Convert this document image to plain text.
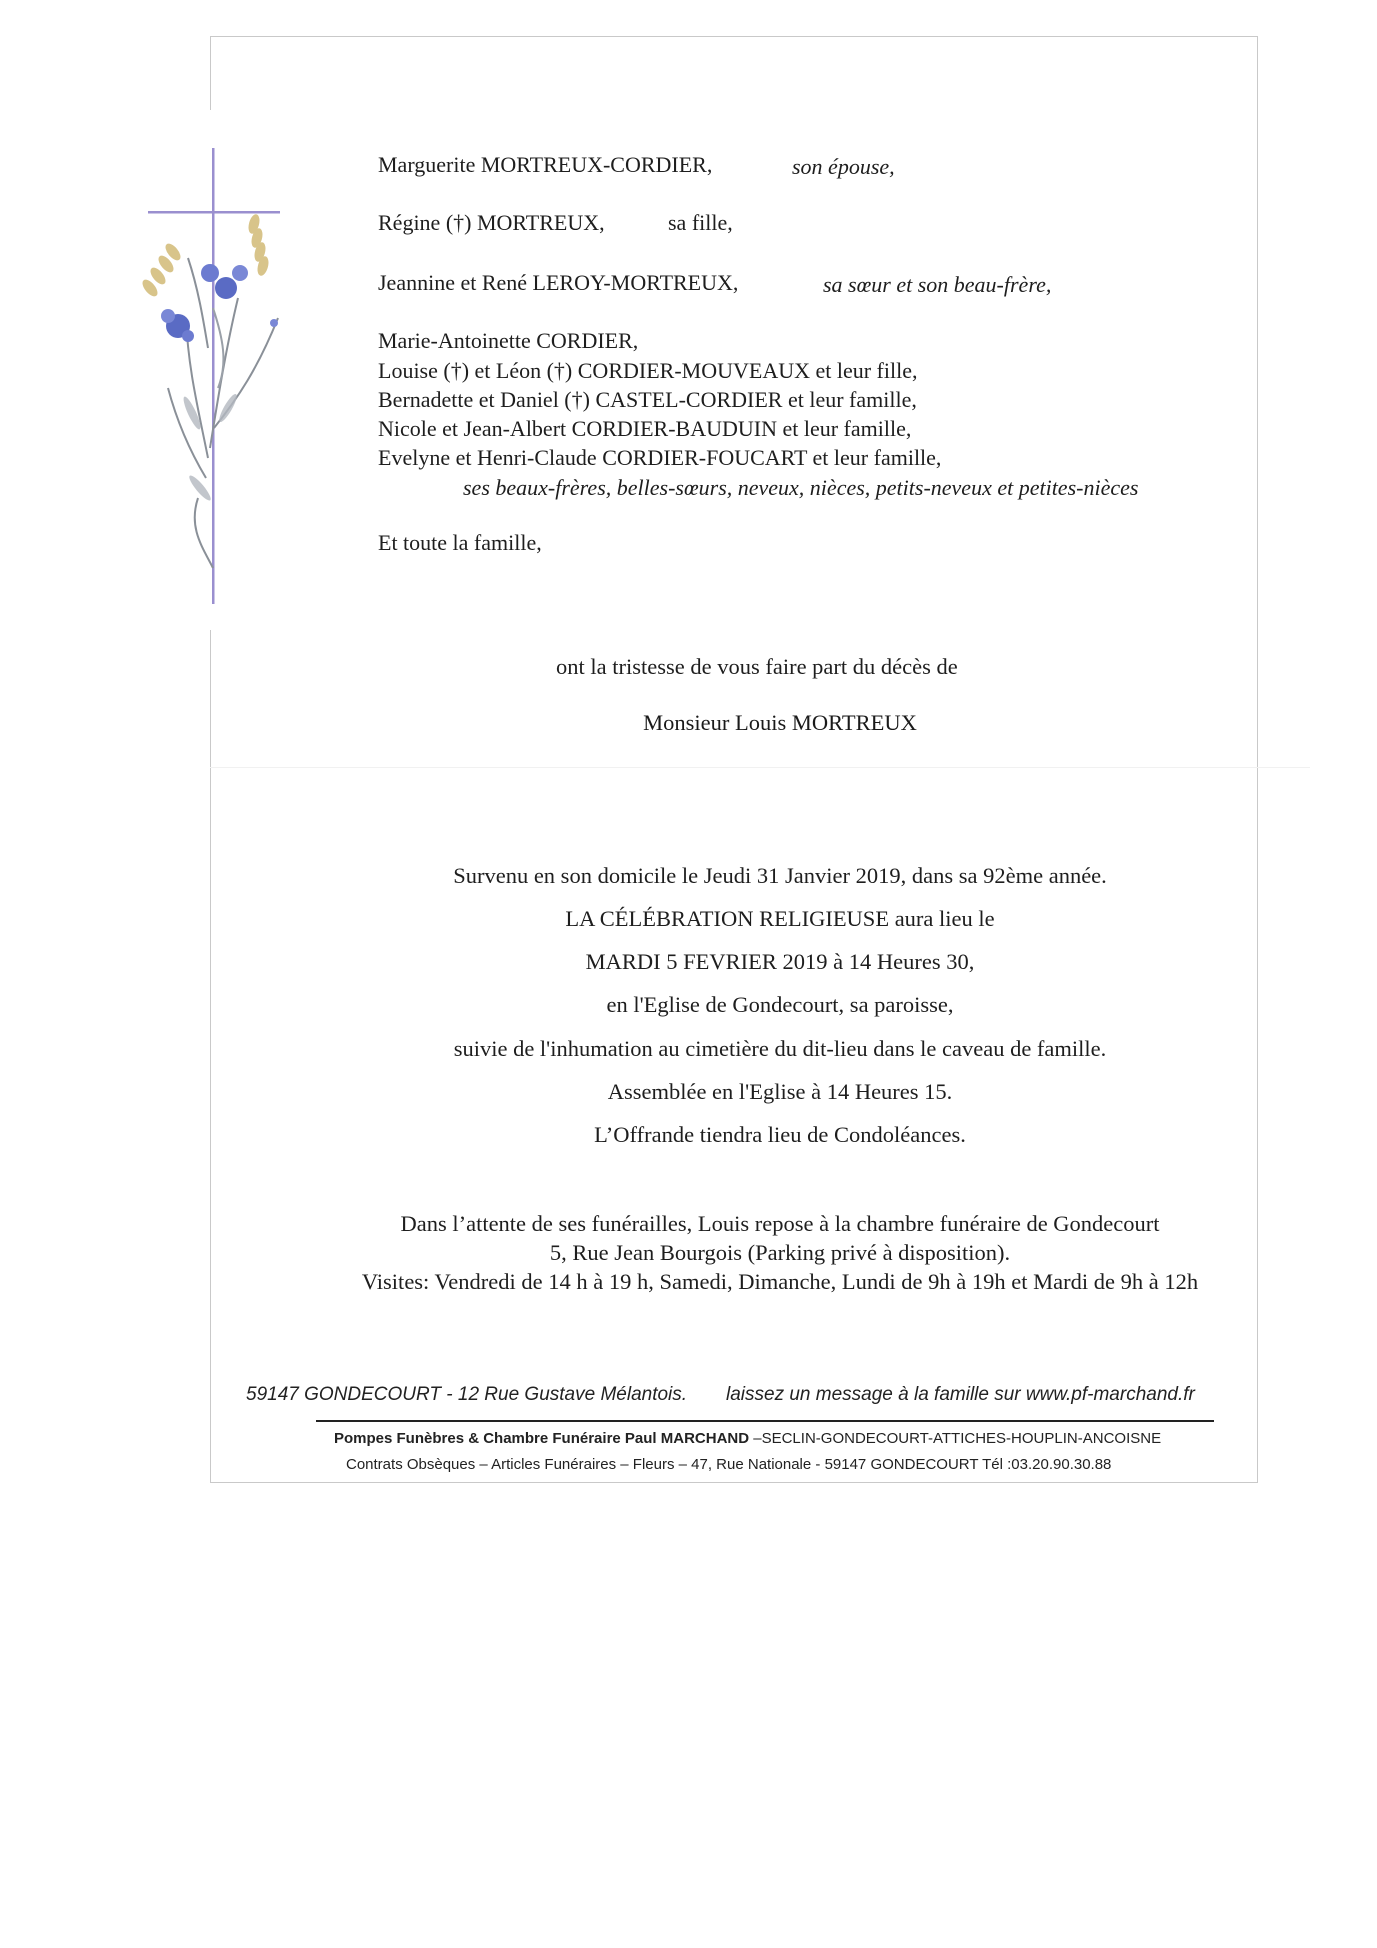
Marguerite MORTREUX-CORDIER,	son épouse,
Régine (†) MORTREUX,	sa fille,
Jeannine et René LEROY-MORTREUX,	sa sœur et son beau-frère,
Marie-Antoinette CORDIER,
Louise (†) et Léon (†) CORDIER-MOUVEAUX et leur fille,
Bernadette et Daniel (†) CASTEL-CORDIER et leur famille,
Nicole et Jean-Albert CORDIER-BAUDUIN et leur famille,
Evelyne et Henri-Claude CORDIER-FOUCART et leur famille,
ses beaux-frères, belles-sœurs, neveux, nièces, petits-neveux et petites-nièces
Et toute la famille,
ont la tristesse de vous faire part du décès de
Monsieur Louis MORTREUX
Survenu en son domicile le Jeudi 31 Janvier 2019, dans sa 92ème année.
LA CÉLÉBRATION RELIGIEUSE aura lieu le
MARDI 5 FEVRIER 2019 à 14 Heures 30,
en l'Eglise de Gondecourt, sa paroisse,
suivie de l'inhumation au cimetière du dit-lieu dans le caveau de famille.
Assemblée en l'Eglise à 14 Heures 15.
L’Offrande tiendra lieu de Condoléances.
Dans l’attente de ses funérailles, Louis repose à la chambre funéraire de Gondecourt
5, Rue Jean Bourgois (Parking privé à disposition).
Visites: Vendredi de 14 h à 19 h, Samedi, Dimanche, Lundi de 9h à 19h et Mardi de 9h à 12h
59147 GONDECOURT - 12 Rue Gustave Mélantois. laissez un message à la famille sur www.pf-marchand.fr
Pompes Funèbres & Chambre Funéraire Paul MARCHAND –SECLIN-GONDECOURT-ATTICHES-HOUPLIN-ANCOISNE
Contrats Obsèques – Articles Funéraires – Fleurs – 47, Rue Nationale - 59147 GONDECOURT Tél :03.20.90.30.88
